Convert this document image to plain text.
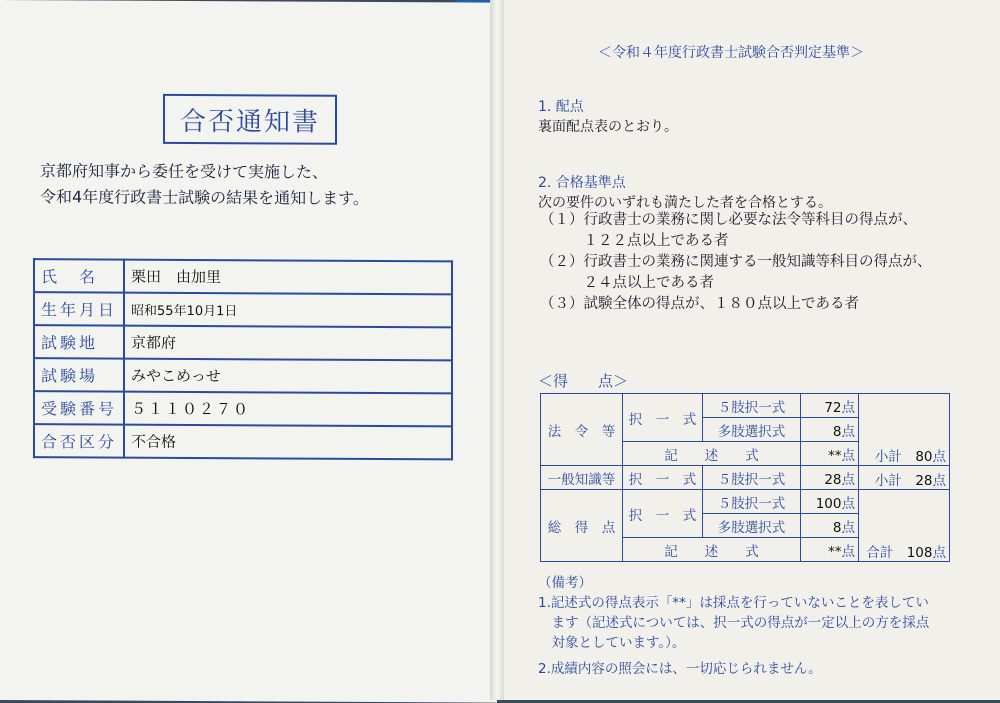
合否通知書
京都府知事から委任を受けて実施した、
令和4年度行政書士試験の結果を通知します。
氏　名	栗田　由加里
生年月日	昭和55年10月1日
試験地	京都府
試験場	みやこめっせ
受験番号	５１１０２７０
合否区分	不合格
＜令和４年度行政書士試験合否判定基準＞
1. 配点
裏面配点表のとおり。
2. 合格基準点
次の要件のいずれも満たした者を合格とする。
（１）行政書士の業務に関し必要な法令等科目の得点が、
　　　１２２点以上である者
（２）行政書士の業務に関連する一般知識等科目の得点が、
　　　２４点以上である者
（３）試験全体の得点が、１８０点以上である者
＜得　　点＞
法　令　等	択　一　式	５肢択一式	72点	小計　 80点
		多肢選択式	8点	
	記　　述　　式		**点	
一般知識等	択　一　式	５肢択一式	28点	小計　 28点
総　得　点	択　一　式	５肢択一式	100点	合計　 108点
		多肢選択式	8点	
	記　　述　　式		**点	
（備考）
1.記述式の得点表示「**」は採点を行っていないことを表してい
　ます（記述式については、択一式の得点が一定以上の方を採点
　対象としています。）。
2.成績内容の照会には、一切応じられません。
